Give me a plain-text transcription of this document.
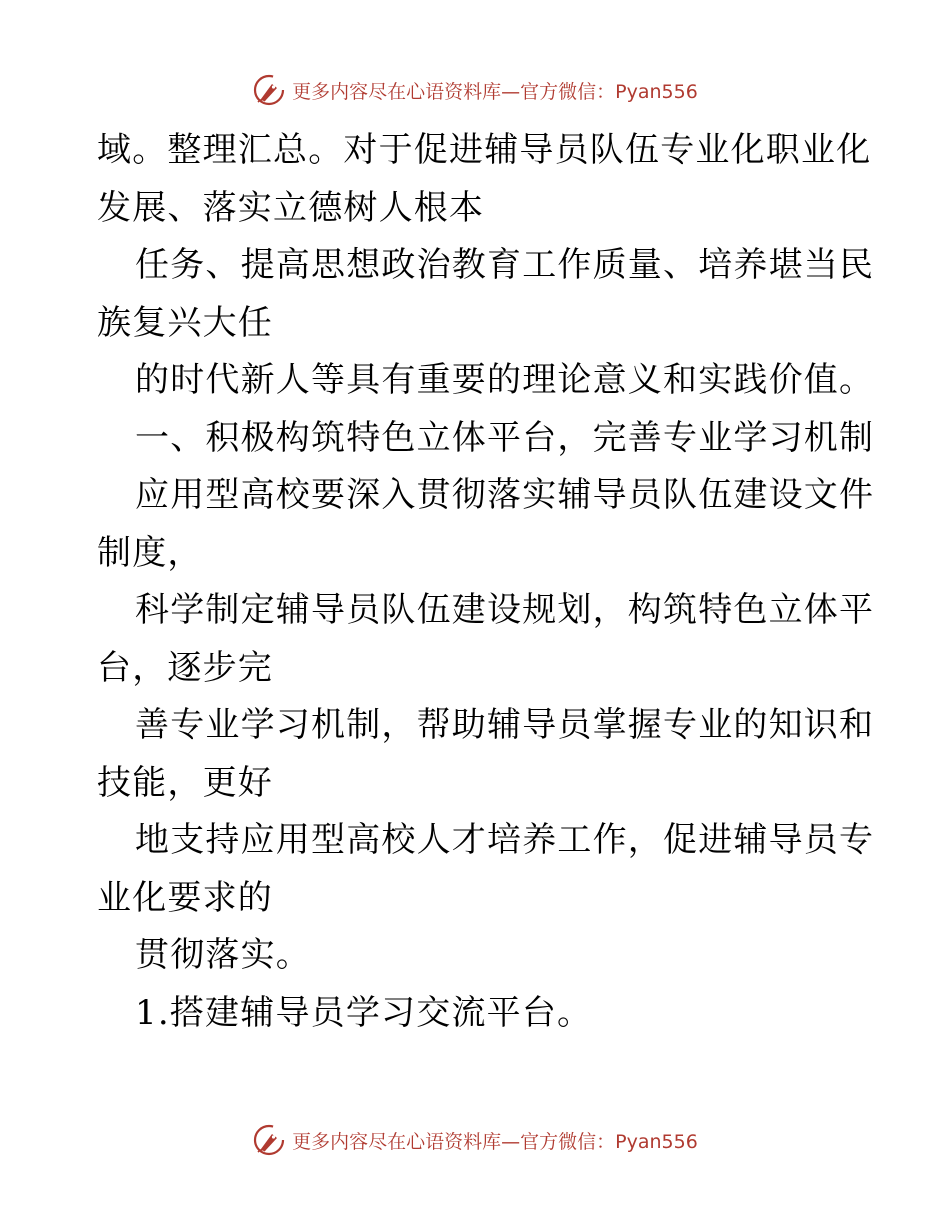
更多内容尽在心语资料库—官方微信：Pyan556
域。整理汇总。对于促进辅导员队伍专业化职业化
发展、落实立德树人根本
任务、提高思想政治教育工作质量、培养堪当民
族复兴大任
的时代新人等具有重要的理论意义和实践价值。
一、积极构筑特色立体平台，完善专业学习机制
应用型高校要深入贯彻落实辅导员队伍建设文件
制度，
科学制定辅导员队伍建设规划，构筑特色立体平
台，逐步完
善专业学习机制，帮助辅导员掌握专业的知识和
技能，更好
地支持应用型高校人才培养工作，促进辅导员专
业化要求的
贯彻落实。
1.搭建辅导员学习交流平台。
更多内容尽在心语资料库—官方微信：Pyan556
